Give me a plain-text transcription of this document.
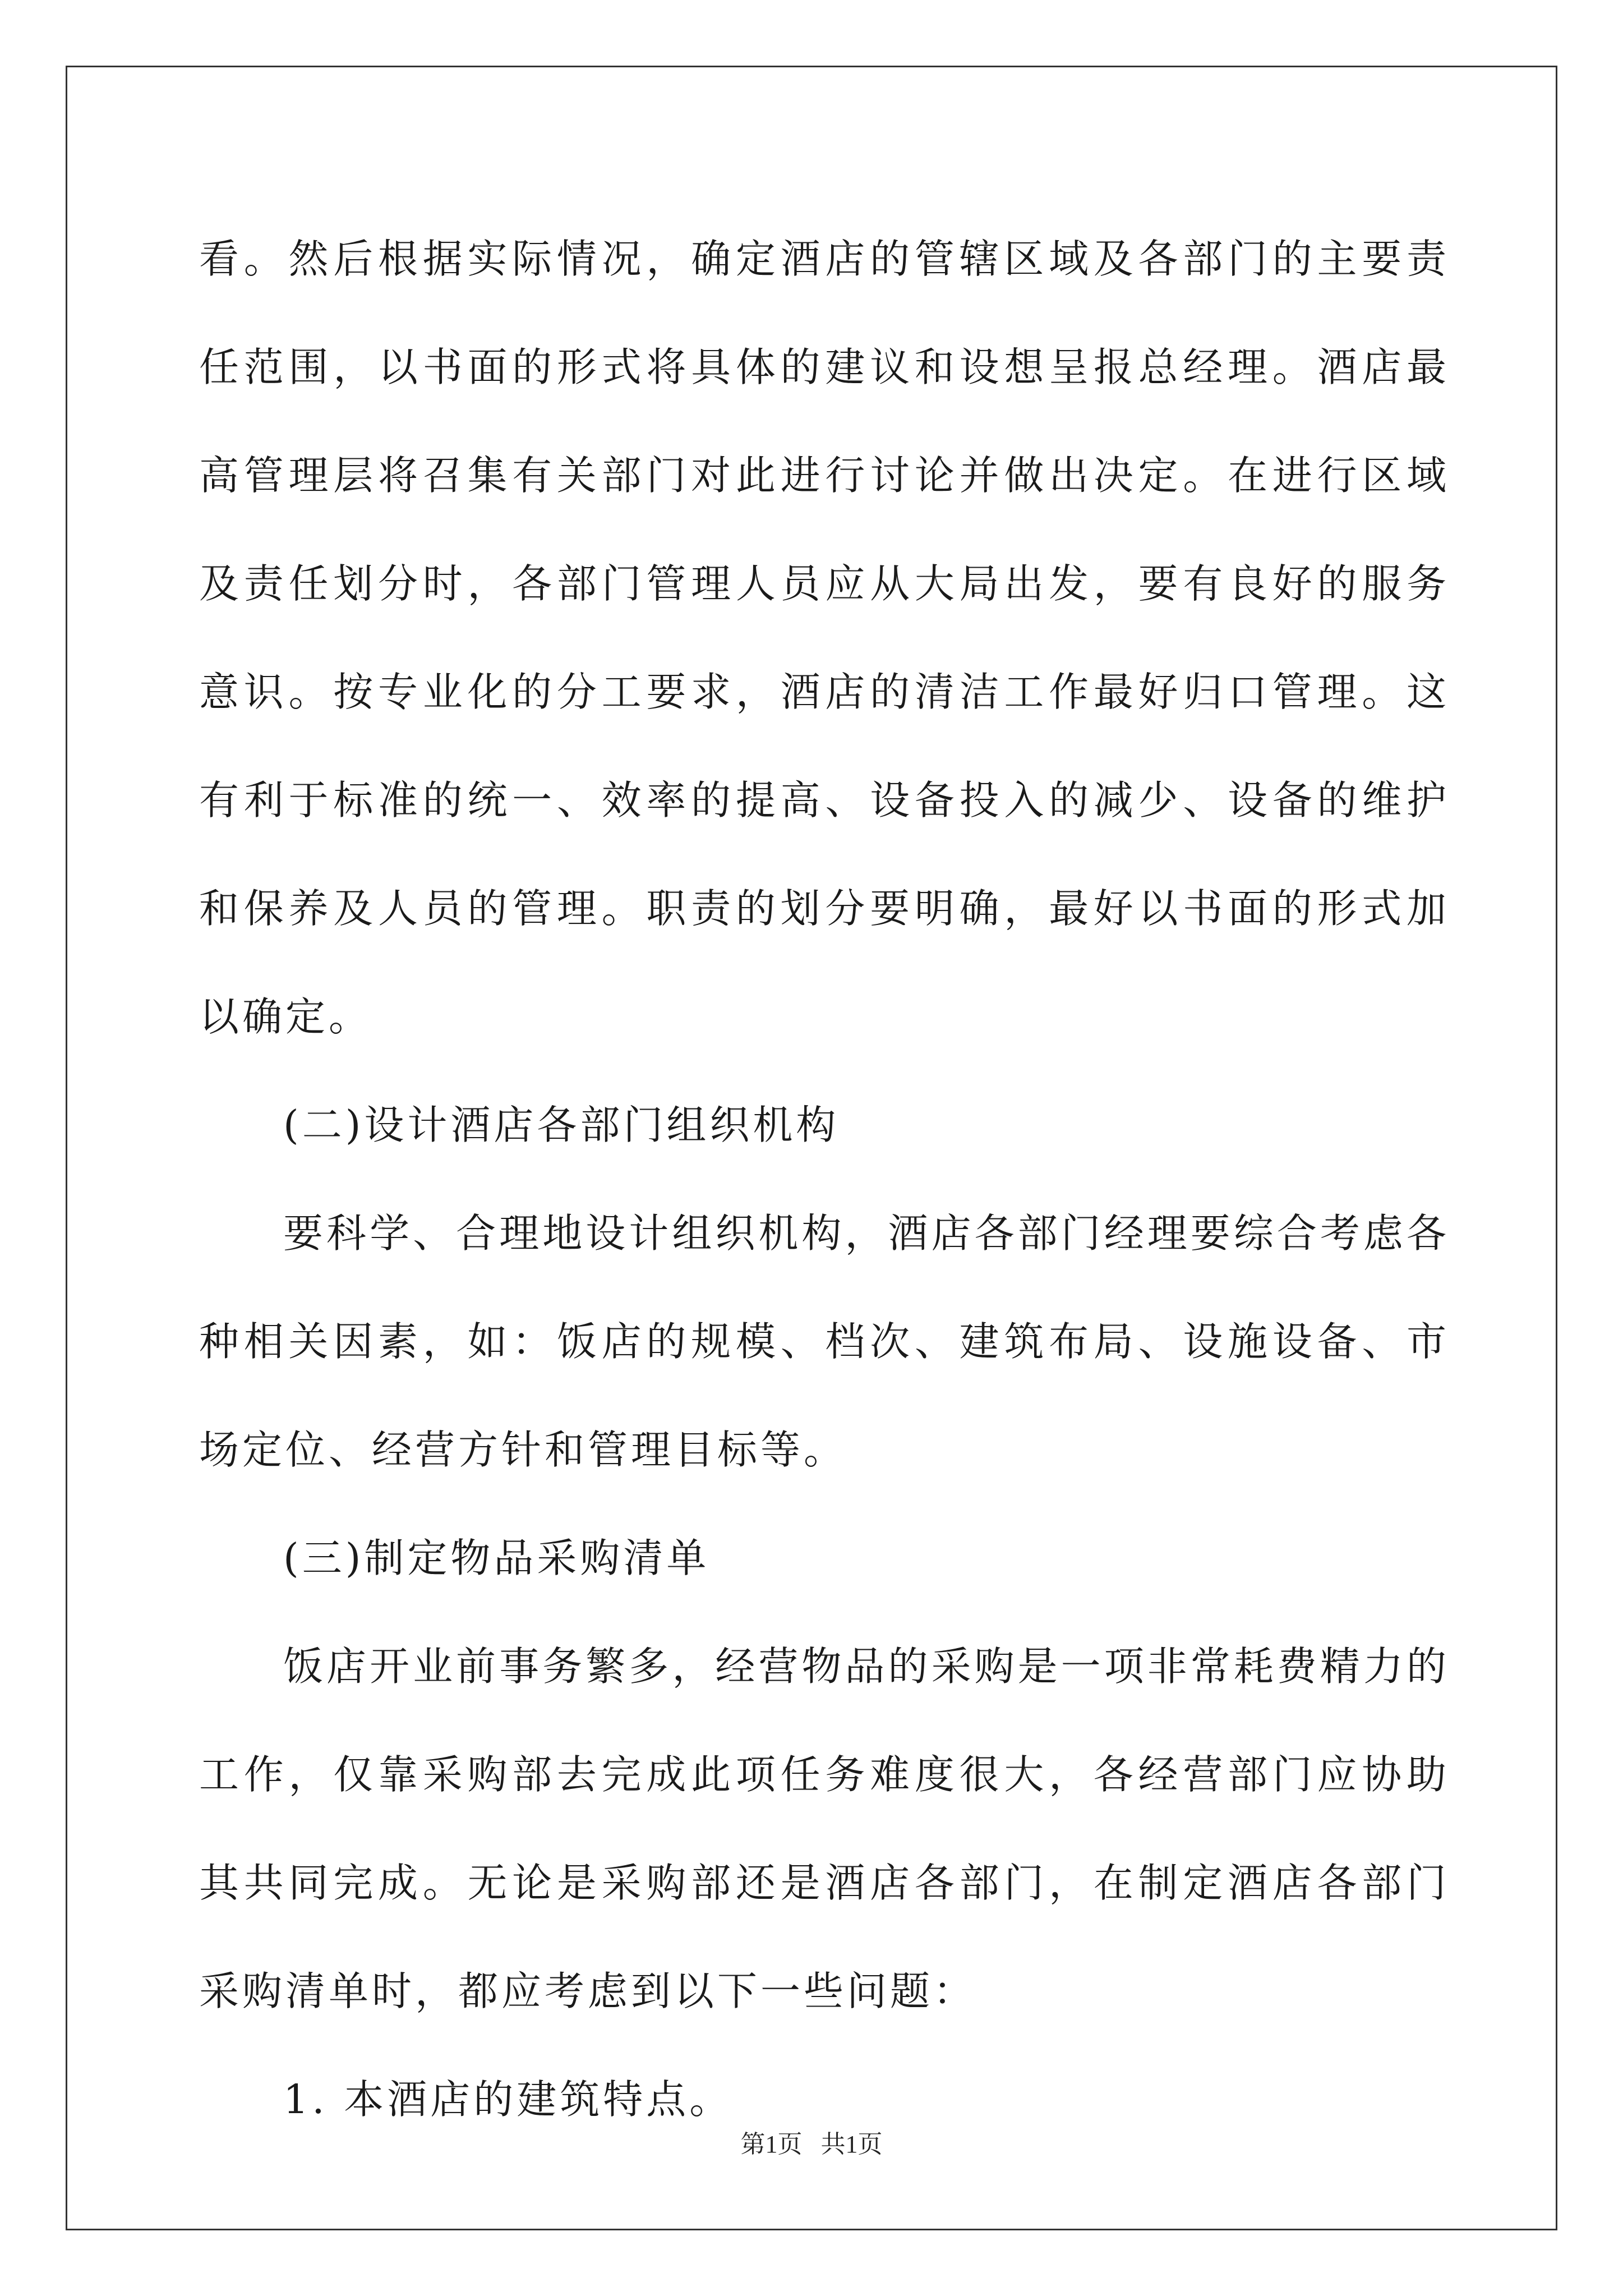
看。然后根据实际情况，确定酒店的管辖区域及各部门的主要责任范围，以书面的形式将具体的建议和设想呈报总经理。酒店最高管理层将召集有关部门对此进行讨论并做出决定。在进行区域及责任划分时，各部门管理人员应从大局出发，要有良好的服务意识。按专业化的分工要求，酒店的清洁工作最好归口管理。这有利于标准的统一、效率的提高、设备投入的减少、设备的维护和保养及人员的管理。职责的划分要明确，最好以书面的形式加以确定。

(二)设计酒店各部门组织机构

要科学、合理地设计组织机构，酒店各部门经理要综合考虑各种相关因素，如：饭店的规模、档次、建筑布局、设施设备、市场定位、经营方针和管理目标等。

(三)制定物品采购清单

饭店开业前事务繁多，经营物品的采购是一项非常耗费精力的工作，仅靠采购部去完成此项任务难度很大，各经营部门应协助其共同完成。无论是采购部还是酒店各部门，在制定酒店各部门采购清单时，都应考虑到以下一些问题：

1. 本酒店的建筑特点。

第1页   共1页
